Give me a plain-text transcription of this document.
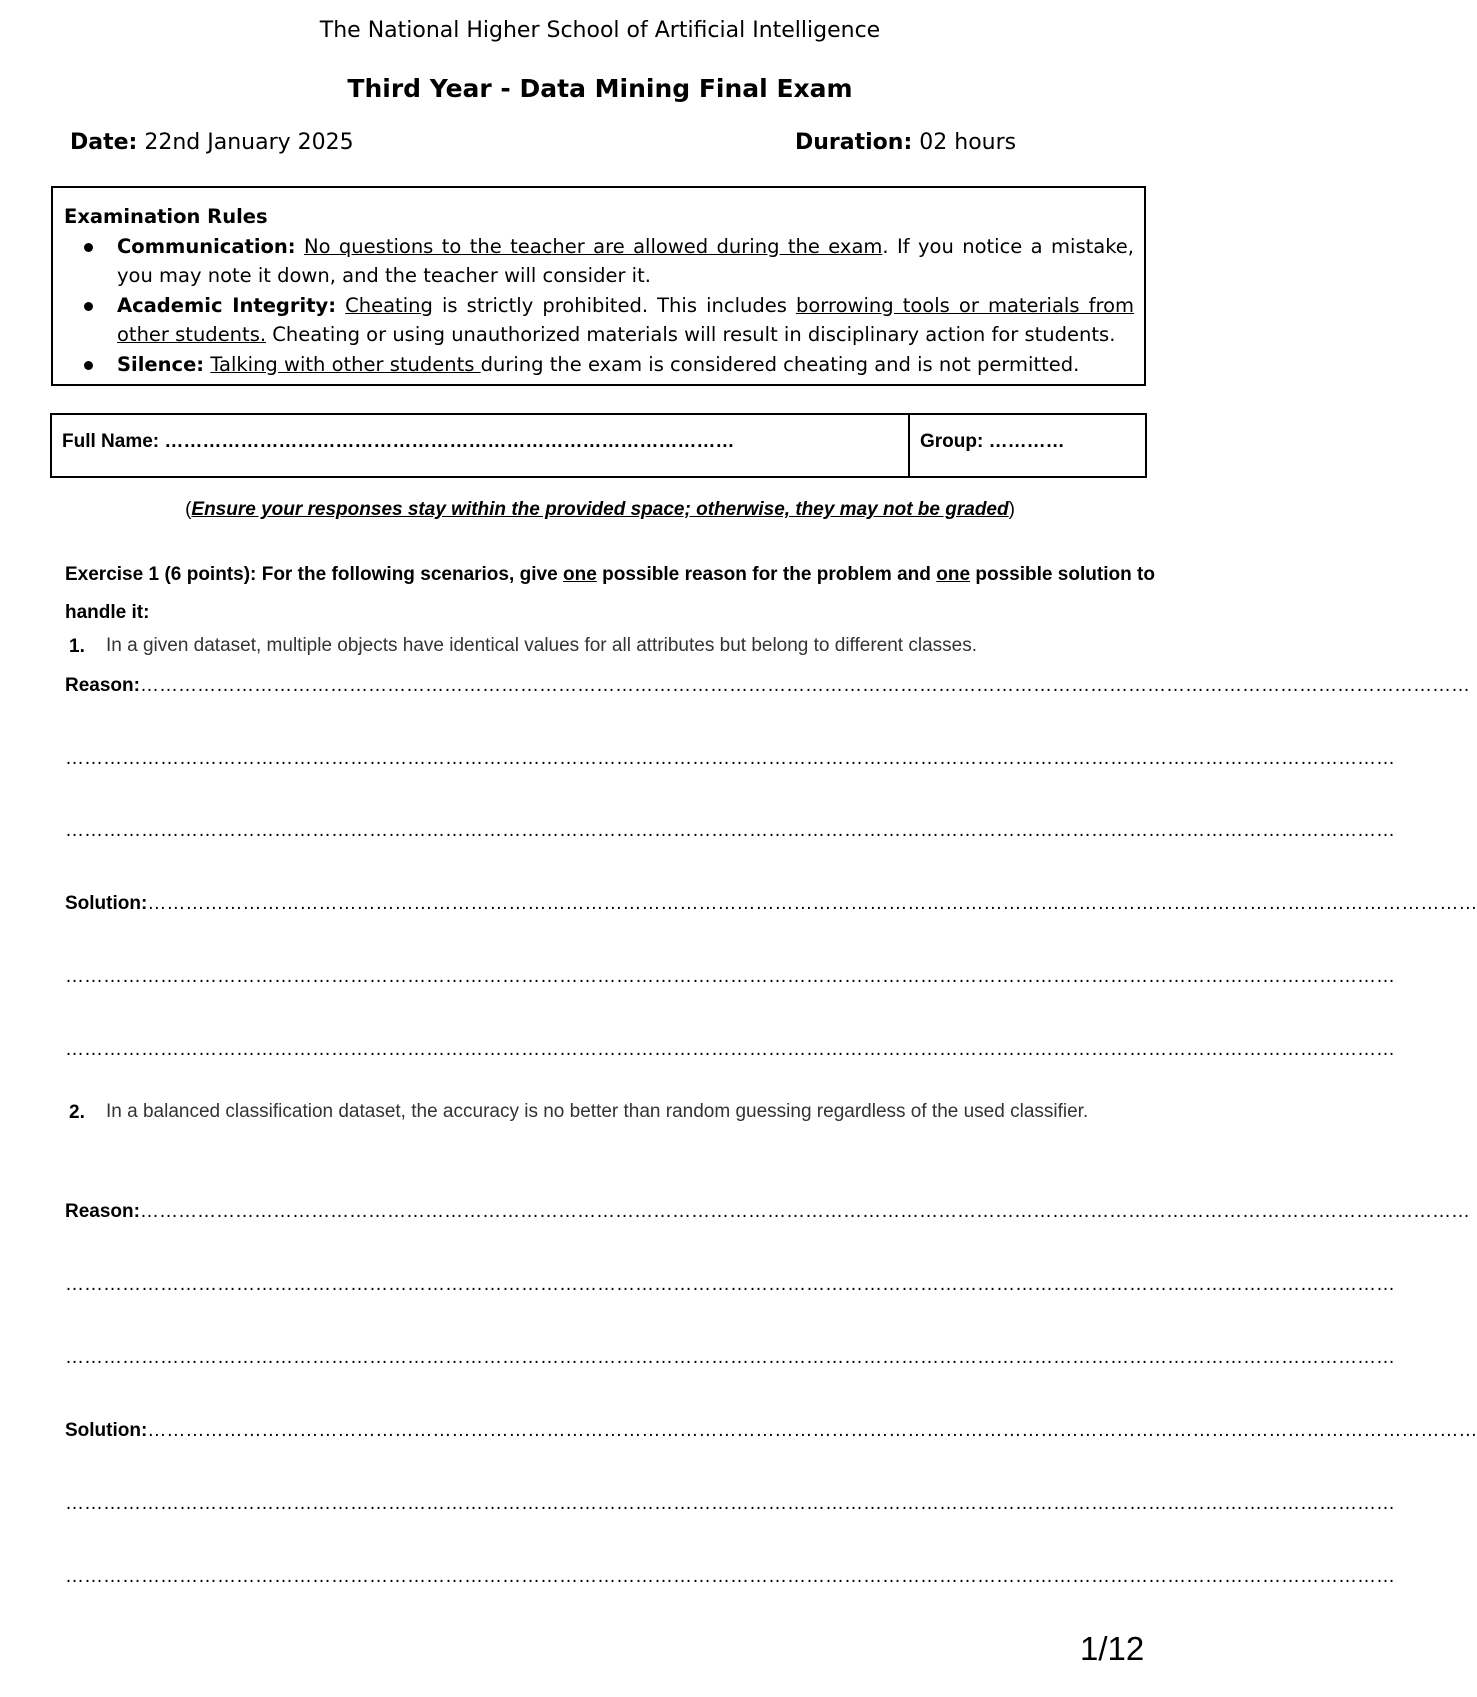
The National Higher School of Artificial Intelligence
Third Year - Data Mining Final Exam
Date: 22nd January 2025	Duration: 02 hours
Examination Rules
Communication: No questions to the teacher are allowed during the exam. If you notice a mistake, you may note it down, and the teacher will consider it.
Academic Integrity: Cheating is strictly prohibited. This includes borrowing tools or materials from other students. Cheating or using unauthorized materials will result in disciplinary action for students.
Silence: Talking with other students during the exam is considered cheating and is not permitted.
Full Name: ………………………………………………………………………………	Group: …………
(Ensure your responses stay within the provided space; otherwise, they may not be graded)
Exercise 1 (6 points): For the following scenarios, give one possible reason for the problem and one possible solution to handle it:
1. In a given dataset, multiple objects have identical values for all attributes but belong to different classes.
Reason:…………………………………………………………………………………………………………………………………………………………………………………………
…………………………………………………………………………………………………………………………………………………………………………………………
…………………………………………………………………………………………………………………………………………………………………………………………
Solution:…………………………………………………………………………………………………………………………………………………………………………………………
…………………………………………………………………………………………………………………………………………………………………………………………
…………………………………………………………………………………………………………………………………………………………………………………………
2. In a balanced classification dataset, the accuracy is no better than random guessing regardless of the used classifier.
Reason:…………………………………………………………………………………………………………………………………………………………………………………………
…………………………………………………………………………………………………………………………………………………………………………………………
…………………………………………………………………………………………………………………………………………………………………………………………
Solution:…………………………………………………………………………………………………………………………………………………………………………………………
…………………………………………………………………………………………………………………………………………………………………………………………
…………………………………………………………………………………………………………………………………………………………………………………………
1/12
